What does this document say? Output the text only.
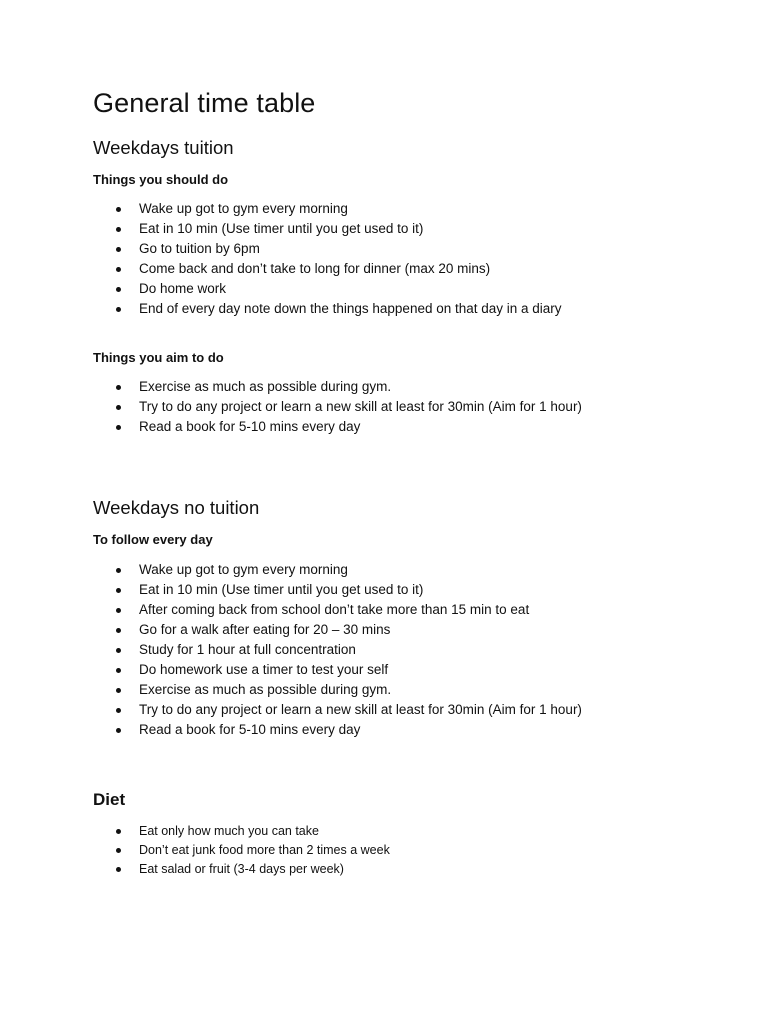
General time table
Weekdays tuition
Things you should do
Wake up got to gym every morning
Eat in 10 min (Use timer until you get used to it)
Go to tuition by 6pm
Come back and don’t take to long for dinner (max 20 mins)
Do home work
End of every day note down the things happened on that day in a diary
Things you aim to do
Exercise as much as possible during gym.
Try to do any project or learn a new skill at least for 30min (Aim for 1 hour)
Read a book for 5-10 mins every day
Weekdays no tuition
To follow every day
Wake up got to gym every morning
Eat in 10 min (Use timer until you get used to it)
After coming back from school don’t take more than 15 min to eat
Go for a walk after eating for 20 – 30 mins
Study for 1 hour at full concentration
Do homework use a timer to test your self
Exercise as much as possible during gym.
Try to do any project or learn a new skill at least for 30min (Aim for 1 hour)
Read a book for 5-10 mins every day
Diet
Eat only how much you can take
Don’t eat junk food more than 2 times a week
Eat salad or fruit (3-4 days per week)
